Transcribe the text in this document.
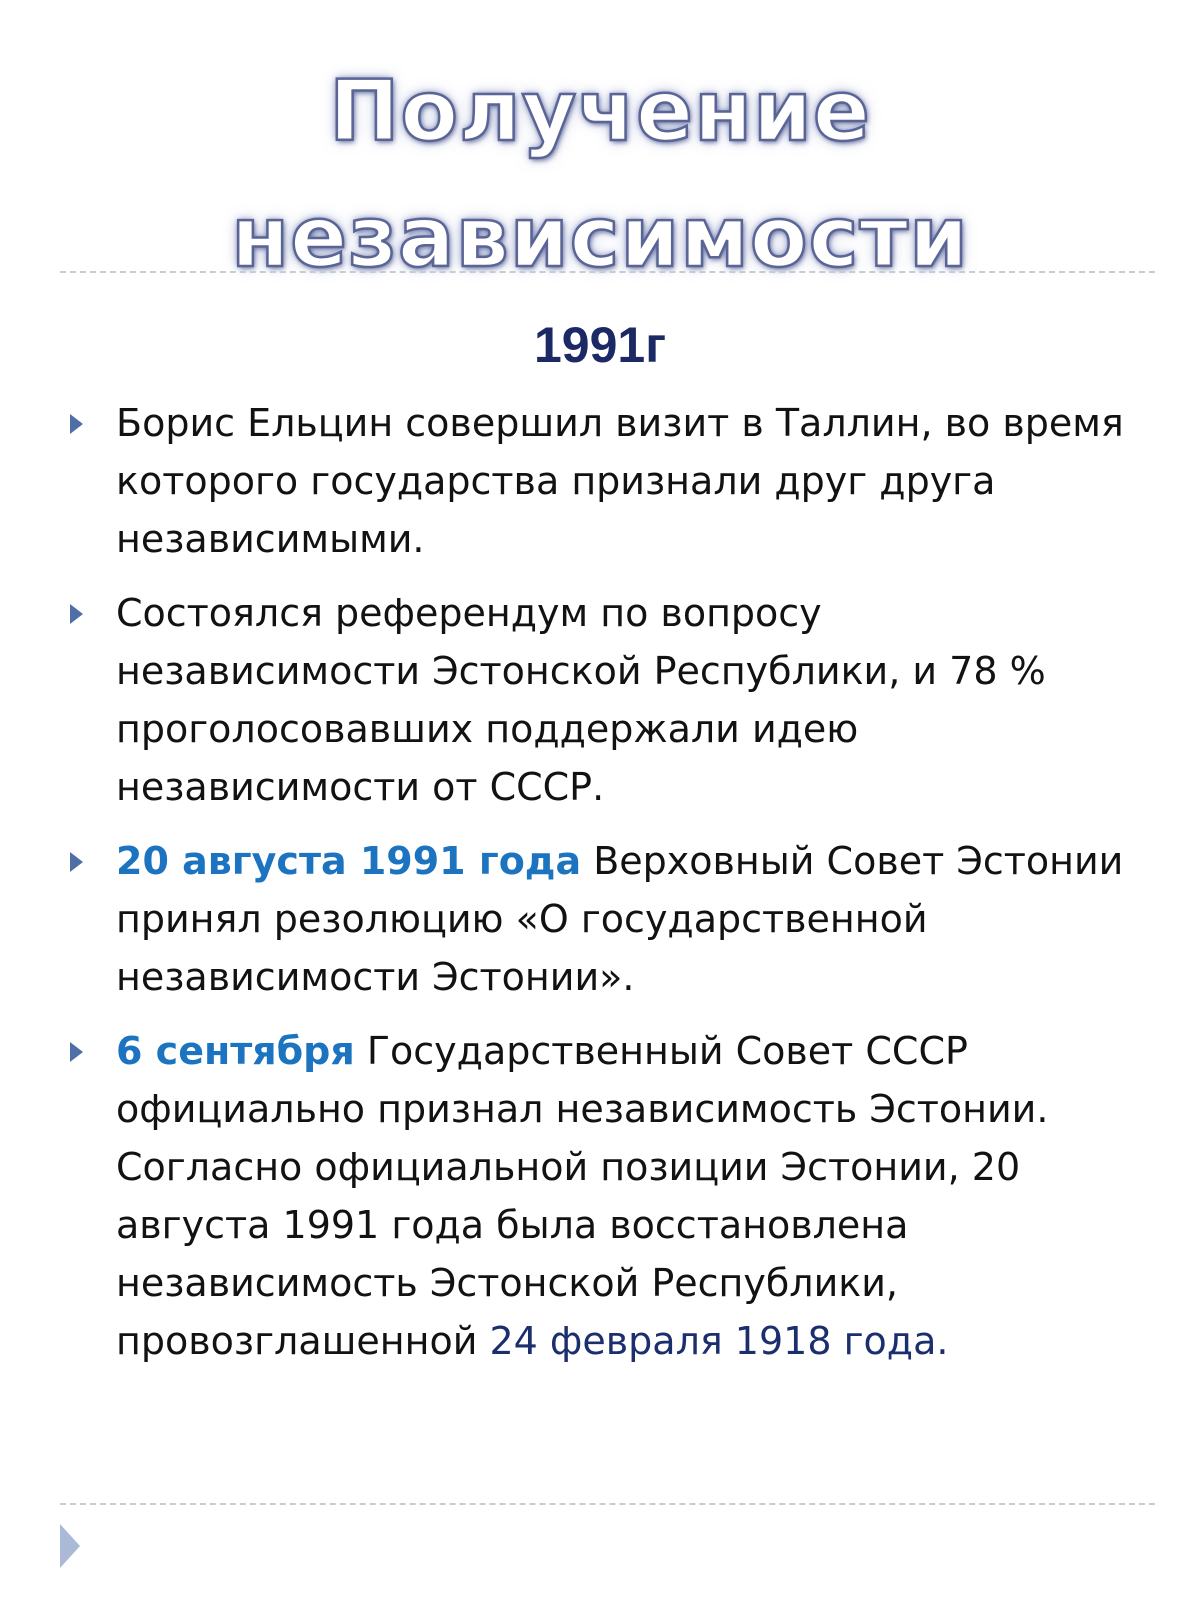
Получение
независимости
1991г
Борис Ельцин совершил визит в Таллин, во время которого государства признали друг друга независимыми.
Состоялся референдум по вопросу независимости Эстонской Республики, и 78 % проголосовавших поддержали идею независимости от СССР.
20 августа 1991 года Верховный Совет Эстонии принял резолюцию «О государственной независимости Эстонии».
6 сентября Государственный Совет СССР официально признал независимость Эстонии. Согласно официальной позиции Эстонии, 20 августа 1991 года была восстановлена независимость Эстонской Республики, провозглашенной 24 февраля 1918 года.
